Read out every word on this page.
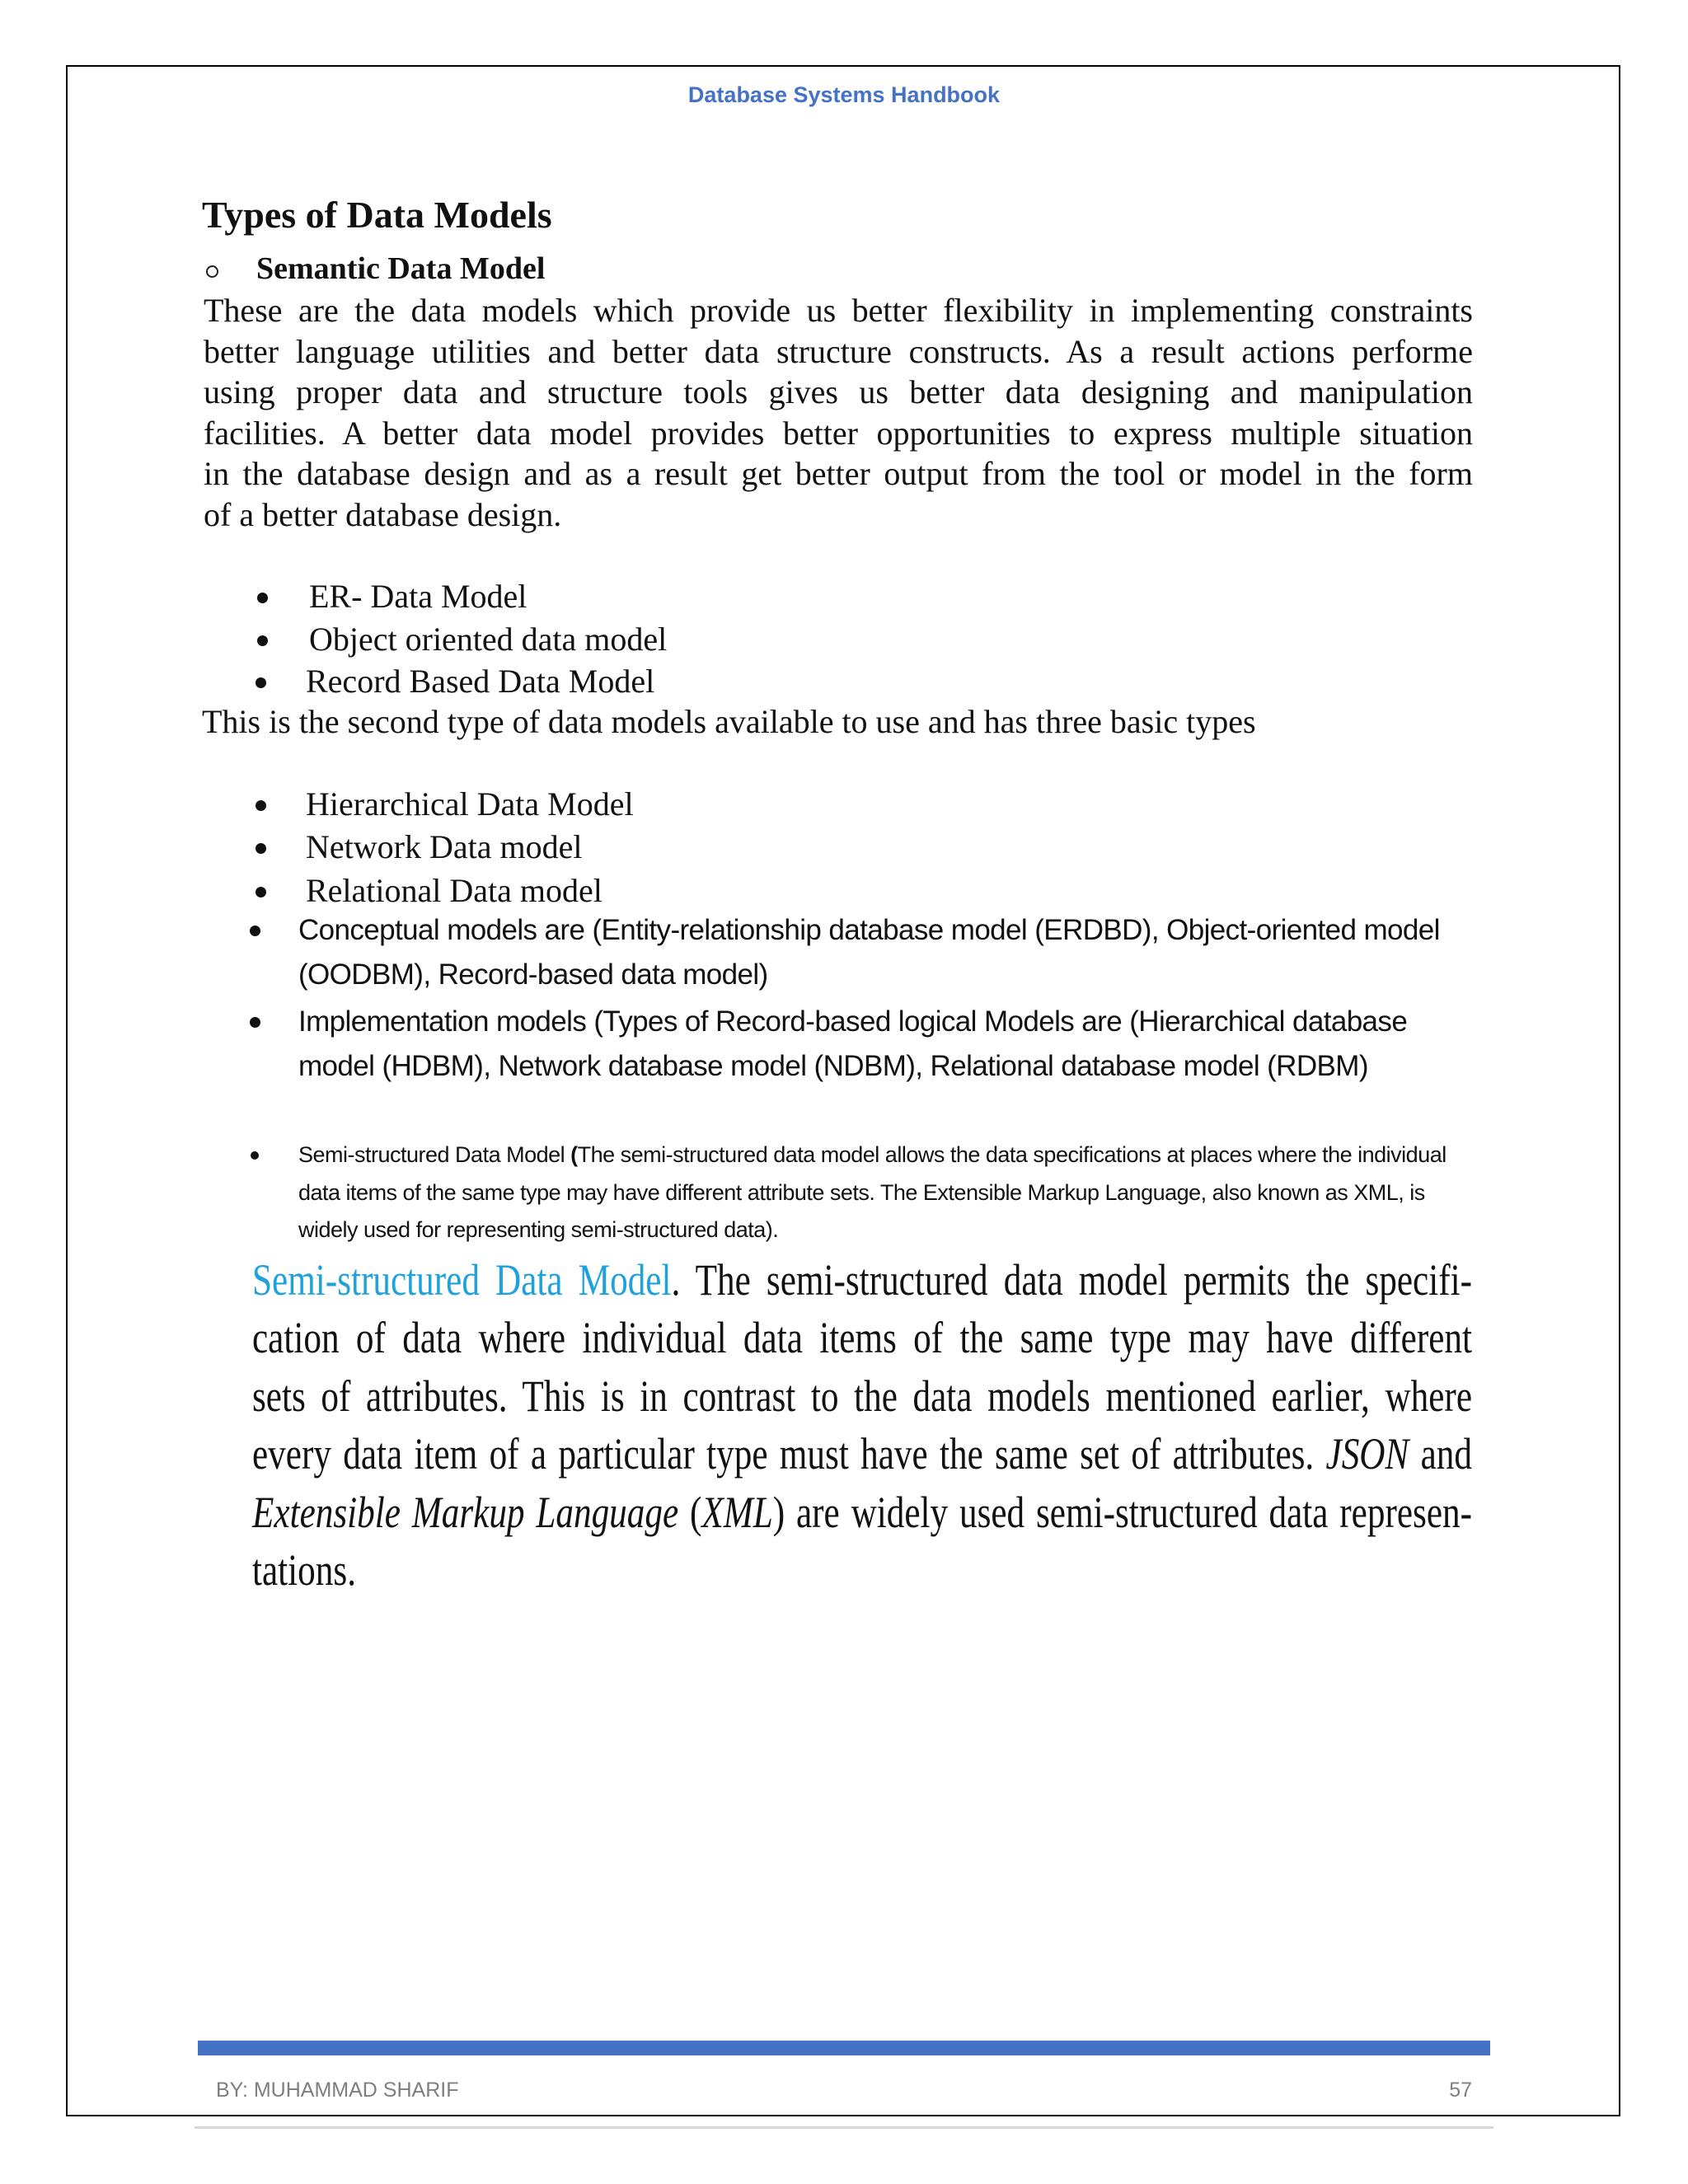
Database Systems Handbook
Types of Data Models
Semantic Data Model
These are the data models which provide us better flexibility in implementing constraints
better language utilities and better data structure constructs. As a result actions performe
using proper data and structure tools gives us better data designing and manipulation
facilities. A better data model provides better opportunities to express multiple situation
in the database design and as a result get better output from the tool or model in the form
of a better database design.
ER- Data Model
Object oriented data model
Record Based Data Model
This is the second type of data models available to use and has three basic types
Hierarchical Data Model
Network Data model
Relational Data model
Conceptual models are (Entity-relationship database model (ERDBD), Object-oriented model (OODBM), Record-based data model)
Implementation models (Types of Record-based logical Models are (Hierarchical database model (HDBM), Network database model (NDBM), Relational database model (RDBM)
Semi-structured Data Model (The semi-structured data model allows the data specifications at places where the individual data items of the same type may have different attribute sets. The Extensible Markup Language, also known as XML, is widely used for representing semi-structured data).
Semi-structured Data Model. The semi-structured data model permits the specifi-
cation of data where individual data items of the same type may have different
sets of attributes. This is in contrast to the data models mentioned earlier, where
every data item of a particular type must have the same set of attributes. JSON and
Extensible Markup Language (XML) are widely used semi-structured data represen-
tations.
BY: MUHAMMAD SHARIF	57
